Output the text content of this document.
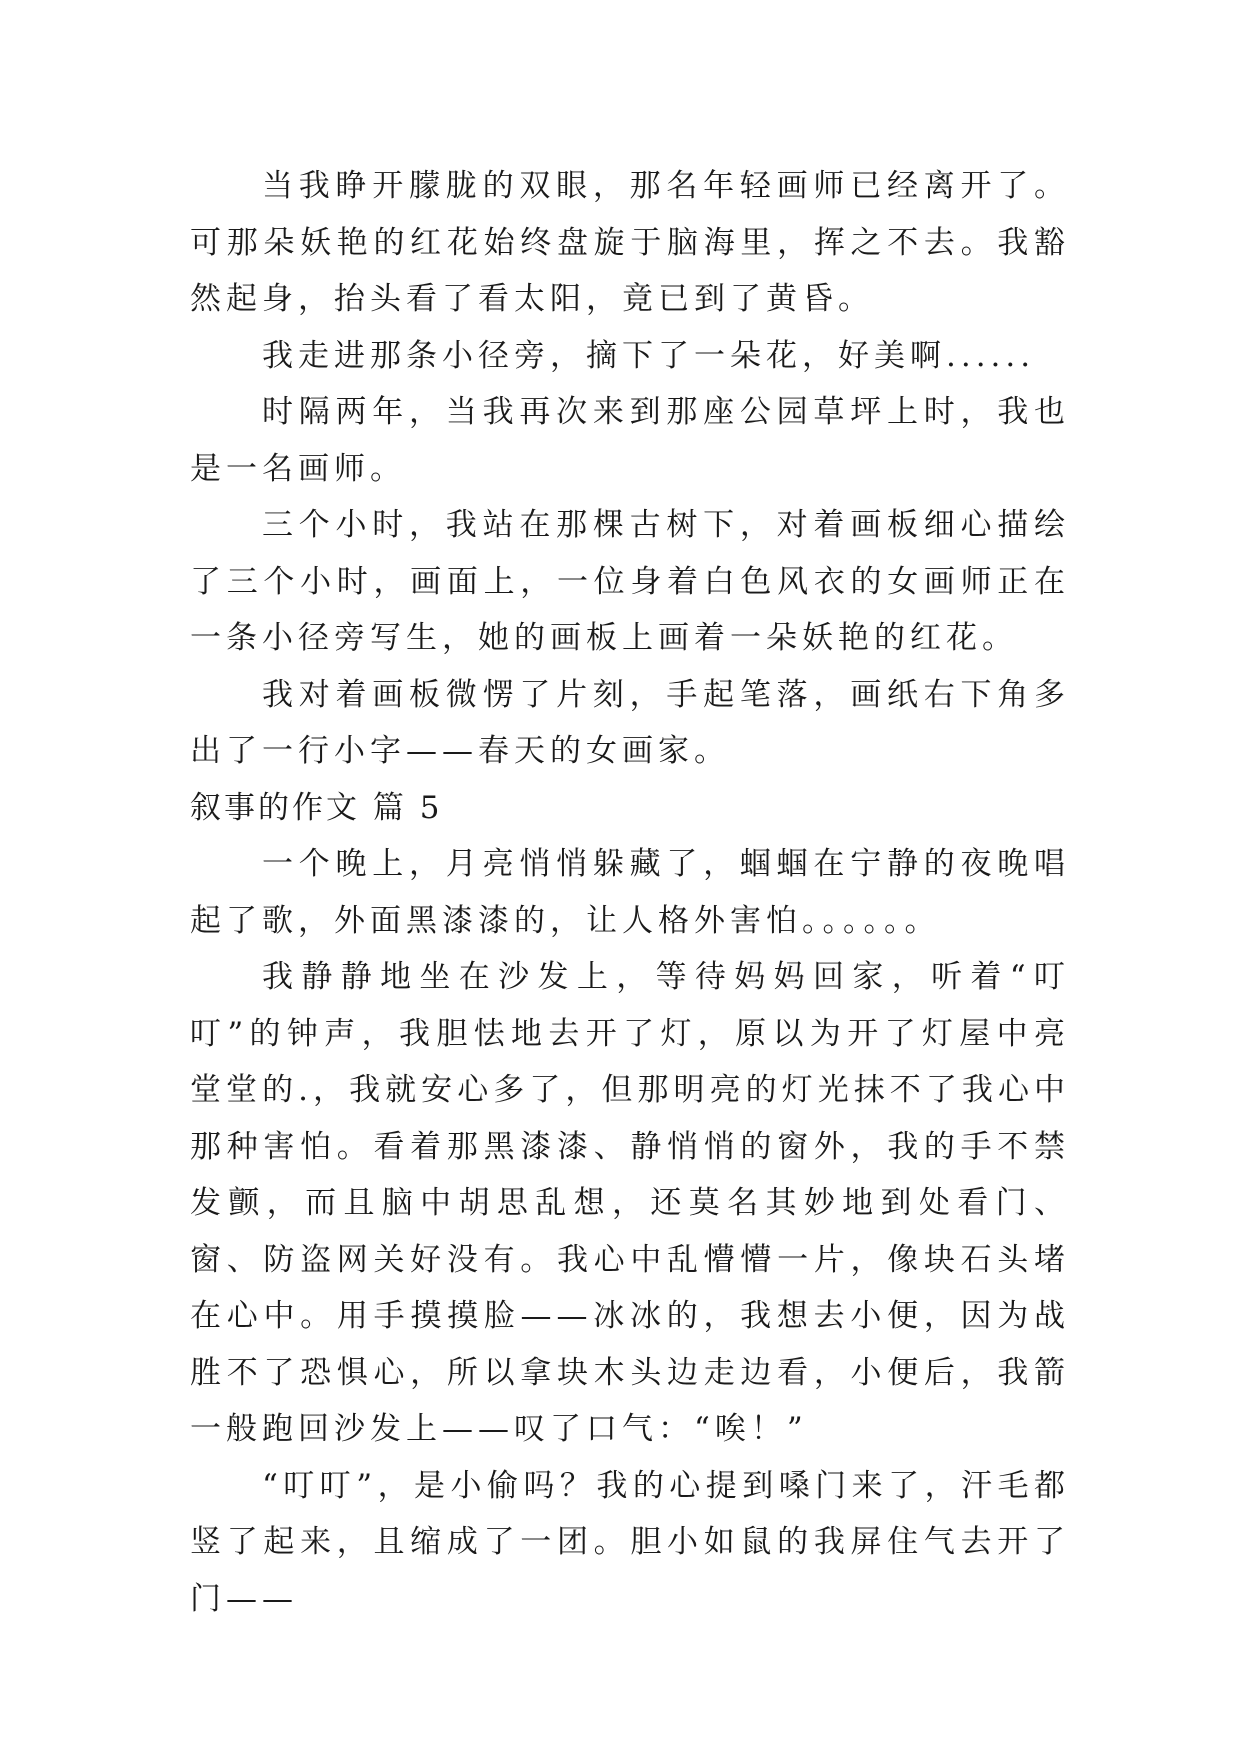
当我睁开朦胧的双眼，那名年轻画师已经离开了。可那朵妖艳的红花始终盘旋于脑海里，挥之不去。我豁然起身，抬头看了看太阳，竟已到了黄昏。

我走进那条小径旁，摘下了一朵花，好美啊......

时隔两年，当我再次来到那座公园草坪上时，我也是一名画师。

三个小时，我站在那棵古树下，对着画板细心描绘了三个小时，画面上，一位身着白色风衣的女画师正在一条小径旁写生，她的画板上画着一朵妖艳的红花。

我对着画板微愣了片刻，手起笔落，画纸右下角多出了一行小字——春天的女画家。

叙事的作文 篇 5

一个晚上，月亮悄悄躲藏了，蝈蝈在宁静的夜晚唱起了歌，外面黑漆漆的，让人格外害怕。。。。。。

我静静地坐在沙发上，等待妈妈回家，听着“叮叮”的钟声，我胆怯地去开了灯，原以为开了灯屋中亮堂堂的.，我就安心多了，但那明亮的灯光抹不了我心中那种害怕。看着那黑漆漆、静悄悄的窗外，我的手不禁发颤，而且脑中胡思乱想，还莫名其妙地到处看门、窗、防盗网关好没有。我心中乱懵懵一片，像块石头堵在心中。用手摸摸脸——冰冰的，我想去小便，因为战胜不了恐惧心，所以拿块木头边走边看，小便后，我箭一般跑回沙发上——叹了口气：“唉！”

“叮叮”，是小偷吗？我的心提到嗓门来了，汗毛都竖了起来，且缩成了一团。胆小如鼠的我屏住气去开了门——
